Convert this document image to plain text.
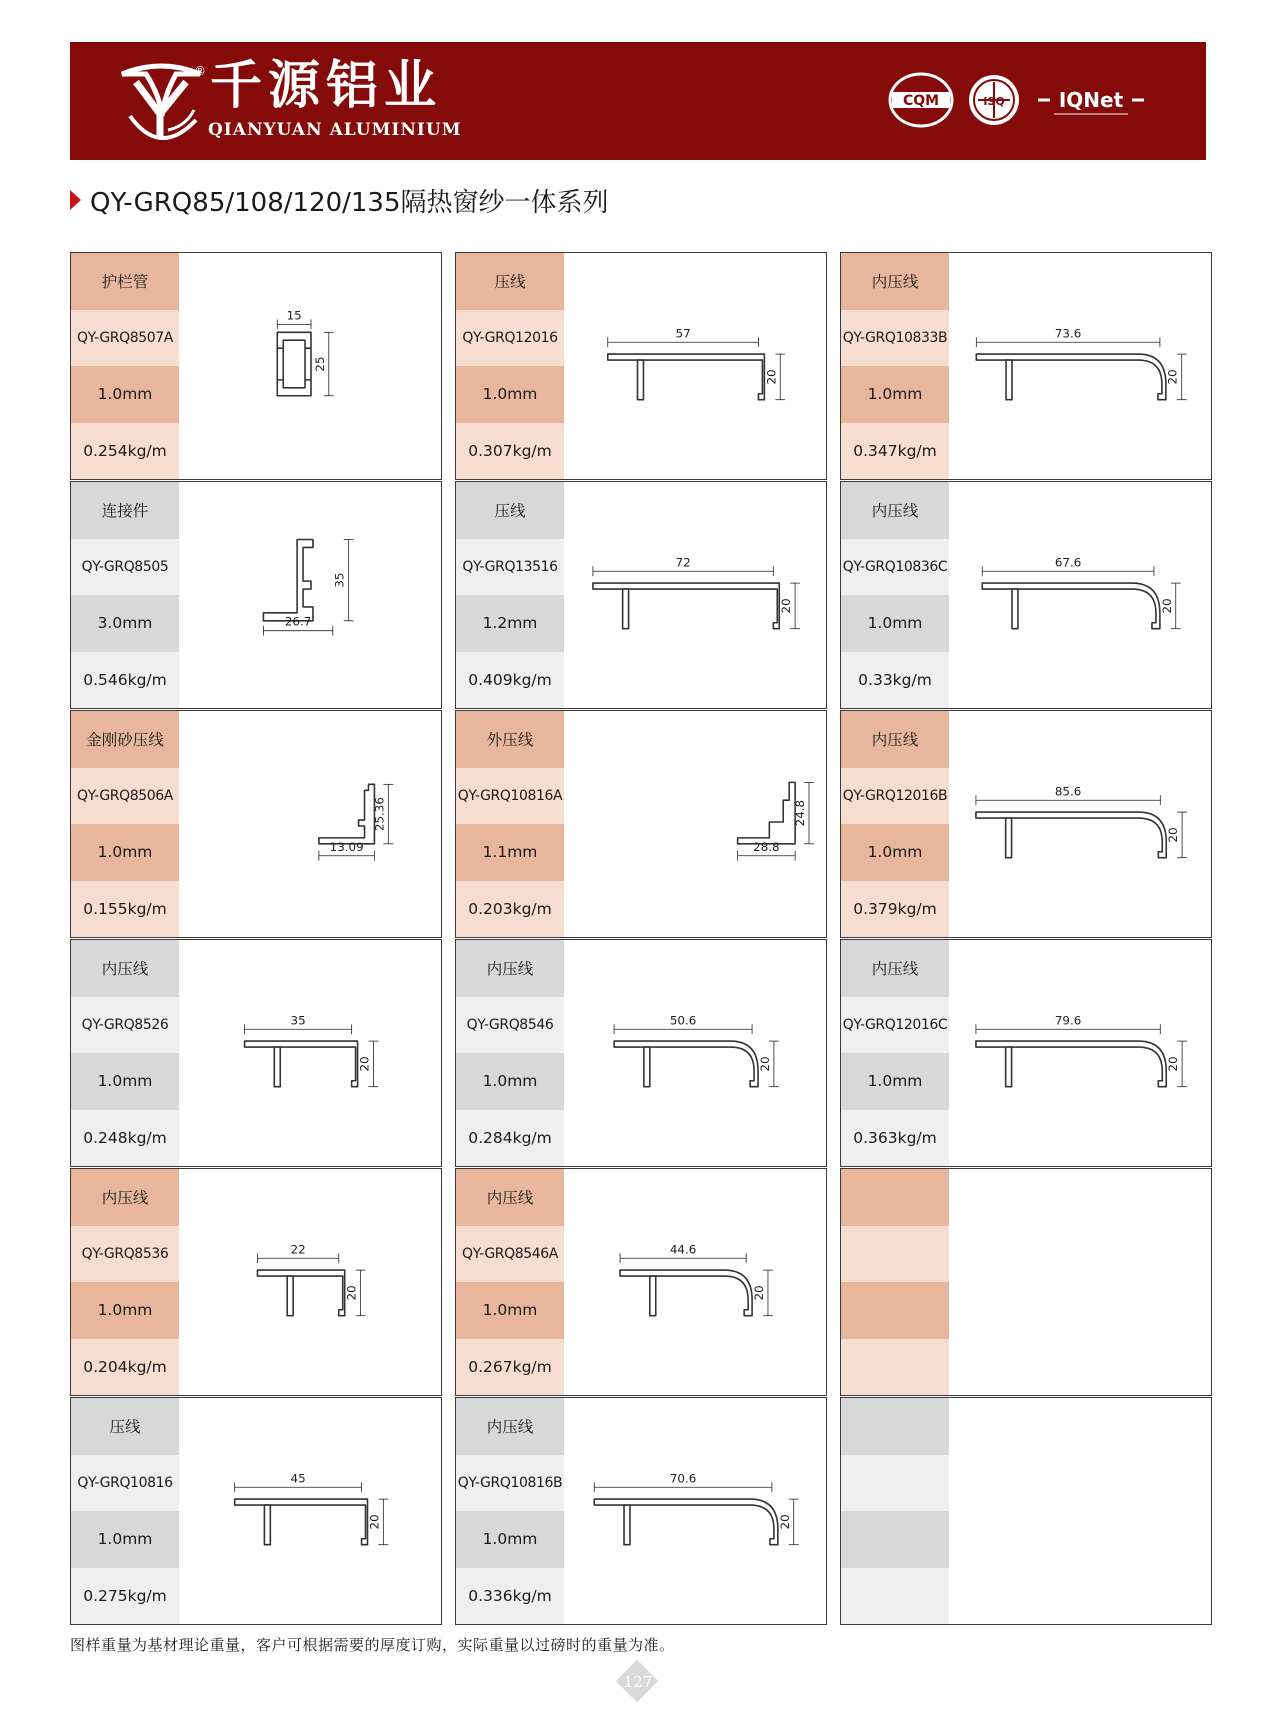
® 千源铝业
QIANYUAN ALUMINIUM
CQM	ISQ	IQNet
QY-GRQ85/108/120/135隔热窗纱一体系列
护栏管
QY-GRQ8507A
1.0mm
0.254kg/m
15
25
压线
QY-GRQ12016
1.0mm
0.307kg/m
57
20
内压线
QY-GRQ10833B
1.0mm
0.347kg/m
73.6
20
连接件
QY-GRQ8505
3.0mm
0.546kg/m
26.7
35
压线
QY-GRQ13516
1.2mm
0.409kg/m
72
20
内压线
QY-GRQ10836C
1.0mm
0.33kg/m
67.6
20
金刚砂压线
QY-GRQ8506A
1.0mm
0.155kg/m
13.09
25.36
外压线
QY-GRQ10816A
1.1mm
0.203kg/m
28.8
24.8
内压线
QY-GRQ12016B
1.0mm
0.379kg/m
85.6
20
内压线
QY-GRQ8526
1.0mm
0.248kg/m
35
20
内压线
QY-GRQ8546
1.0mm
0.284kg/m
50.6
20
内压线
QY-GRQ12016C
1.0mm
0.363kg/m
79.6
20
内压线
QY-GRQ8536
1.0mm
0.204kg/m
22
20
内压线
QY-GRQ8546A
1.0mm
0.267kg/m
44.6
20
压线
QY-GRQ10816
1.0mm
0.275kg/m
45
20
内压线
QY-GRQ10816B
1.0mm
0.336kg/m
70.6
20
图样重量为基材理论重量，客户可根据需要的厚度订购，实际重量以过磅时的重量为准。
127
